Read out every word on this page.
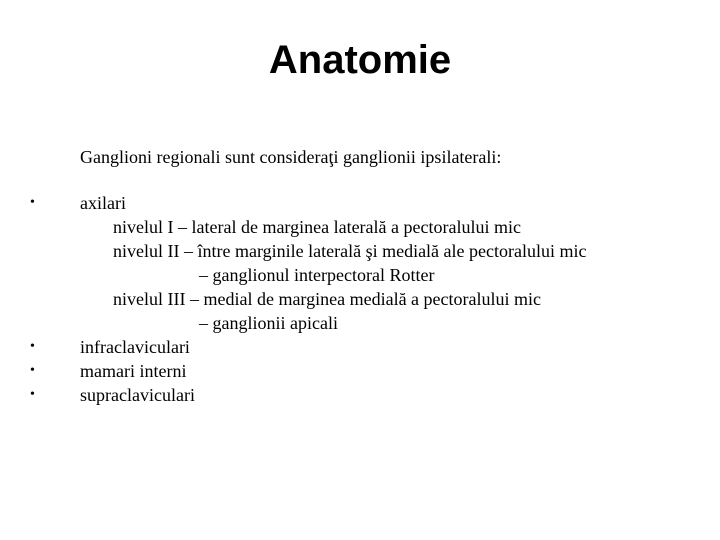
Anatomie
Ganglioni regionali sunt consideraţi ganglionii ipsilaterali:
•	axilari
nivelul I – lateral de marginea laterală a pectoralului mic
nivelul II – între marginile laterală şi medială ale pectoralului mic
– ganglionul interpectoral Rotter
nivelul III – medial de marginea medială a pectoralului mic
– ganglionii apicali
•	infraclaviculari
•	mamari interni
•	supraclaviculari
